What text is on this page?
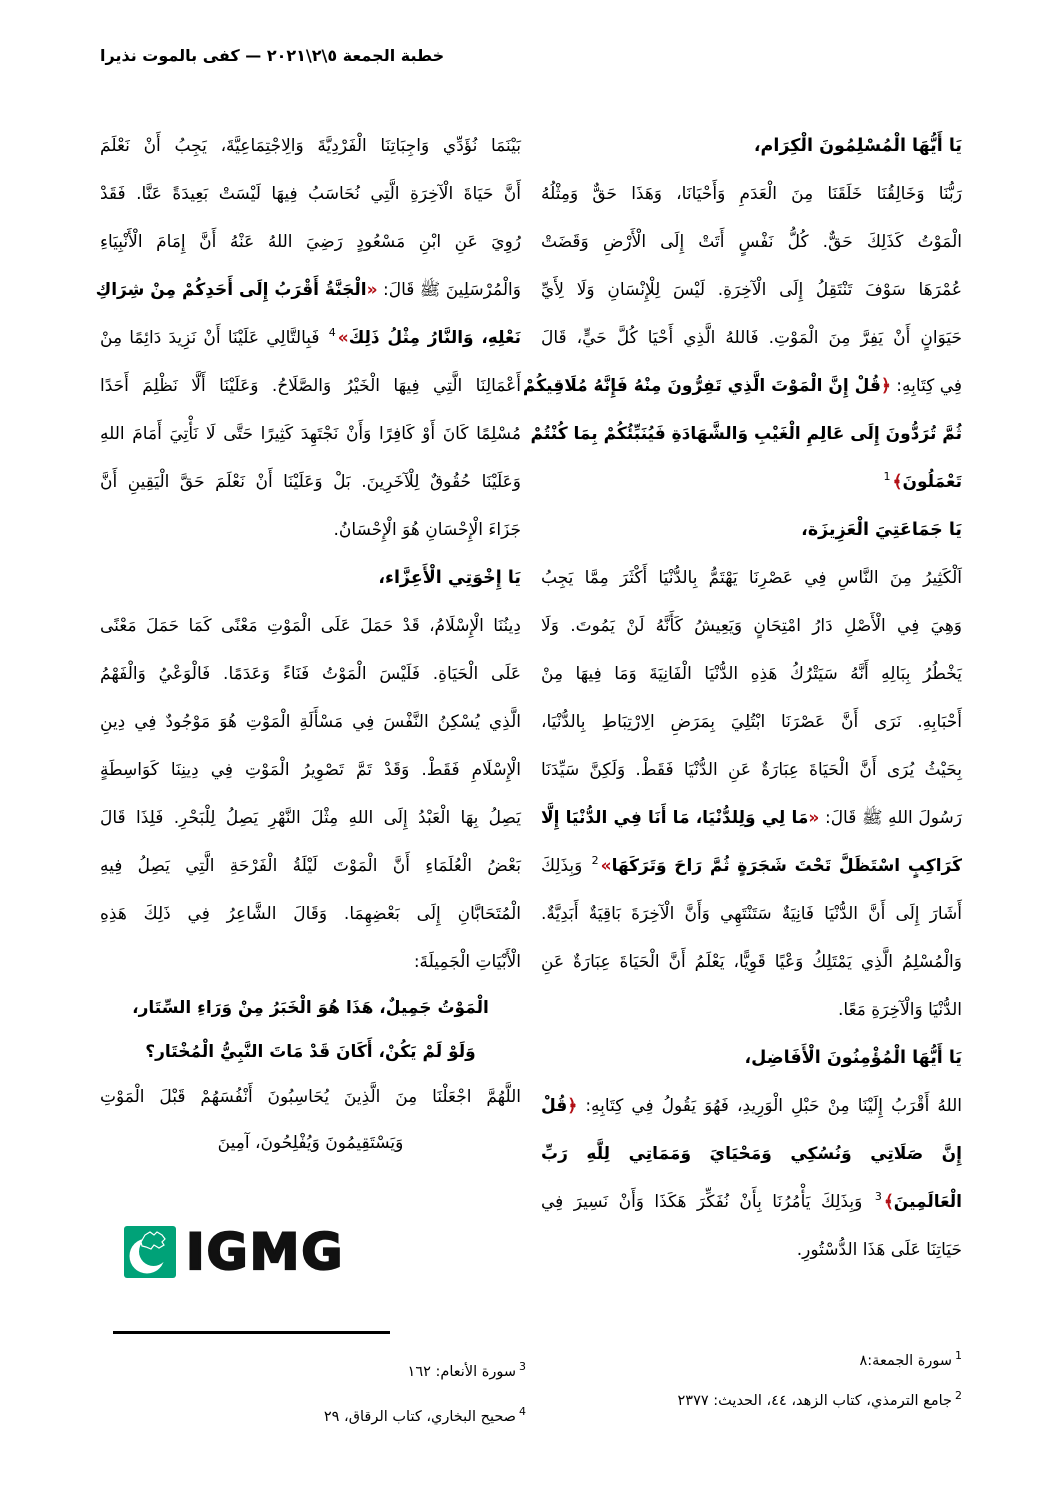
خطبة الجمعة ٥\٢\٢٠٢١ — كفى بالموت نذيرا
يَا أَيُّهَا الْمُسْلِمُونَ الْكِرَام،
رَبُّنَا وَخَالِقُنَا خَلَقَنَا مِنَ الْعَدَمِ وَأَحْيَانَا، وَهَذَا حَقٌّ وَمِثْلُهُ
الْمَوْتُ كَذَلِكَ حَقٌّ. كُلُّ نَفْسٍ أَتَتْ إِلَى الْأَرْضِ وَقَضَتْ
عُمْرَهَا سَوْفَ تَنْتَقِلُ إِلَى الْآخِرَةِ. لَيْسَ لِلْإِنْسَانِ وَلَا لِأَيِّ
حَيَوَانٍ أَنْ يَفِرَّ مِنَ الْمَوْتِ. فَاللهُ الَّذِي أَحْيَا كُلَّ حَيٍّ، قَالَ
فِي كِتَابِهِ: ﴿قُلْ إِنَّ الْمَوْتَ الَّذِي تَفِرُّونَ مِنْهُ فَإِنَّهُ مُلَاقِيكُمْ
ثُمَّ تُرَدُّونَ إِلَى عَالِمِ الْغَيْبِ وَالشَّهَادَةِ فَيُنَبِّئُكُمْ بِمَا كُنْتُمْ
تَعْمَلُونَ﴾$^1$
يَا جَمَاعَتِيَ الْعَزِيزَة،
اَلْكَثِيرُ مِنَ النَّاسِ فِي عَصْرِنَا يَهْتَمُّ بِالدُّنْيَا أَكْثَرَ مِمَّا يَجِبُ
وَهِيَ فِي الْأَصْلِ دَارُ امْتِحَانٍ وَيَعِيشُ كَأَنَّهُ لَنْ يَمُوتَ. وَلَا
يَخْطُرُ بِبَالِهِ أَنَّهُ سَيَتْرُكُ هَذِهِ الدُّنْيَا الْفَانِيَةَ وَمَا فِيهَا مِنْ
أَحْبَابِهِ. نَرَى أَنَّ عَصْرَنَا ابْتُلِيَ بِمَرَضِ الِارْتِبَاطِ بِالدُّنْيَا،
بِحَيْثُ يُرَى أَنَّ الْحَيَاةَ عِبَارَةٌ عَنِ الدُّنْيَا فَقَطْ. وَلَكِنَّ سَيِّدَنَا
رَسُولَ اللهِ ﷺ قَالَ: «مَا لِي وَلِلدُّنْيَا، مَا أَنَا فِي الدُّنْيَا إِلَّا
كَرَاكِبٍ اسْتَظَلَّ تَحْتَ شَجَرَةٍ ثُمَّ رَاحَ وَتَرَكَهَا»$^2$ وَبِذَلِكَ
أَشَارَ إِلَى أَنَّ الدُّنْيَا فَانِيَةٌ سَتَنْتَهِي وَأَنَّ الْآخِرَةَ بَاقِيَةٌ أَبَدِيَّةٌ.
وَالْمُسْلِمُ الَّذِي يَمْتَلِكُ وَعْيًا قَوِيًّا، يَعْلَمُ أَنَّ الْحَيَاةَ عِبَارَةٌ عَنِ
الدُّنْيَا وَالْآخِرَةِ مَعًا.
يَا أَيُّهَا الْمُؤْمِنُونَ الْأَفَاضِل،
اللهُ أَقْرَبُ إِلَيْنَا مِنْ حَبْلِ الْوَرِيدِ، فَهُوَ يَقُولُ فِي كِتَابِهِ: ﴿قُلْ
إِنَّ صَلَاتِي وَنُسُكِي وَمَحْيَايَ وَمَمَاتِي لِلَّهِ رَبِّ
الْعَالَمِينَ﴾$^3$ وَبِذَلِكَ يَأْمُرُنَا بِأَنْ نُفَكِّرَ هَكَذَا وَأَنْ نَسِيرَ فِي
حَيَاتِنَا عَلَى هَذَا الدُّسْتُورِ.
بَيْنَمَا نُؤَدِّي وَاجِبَاتِنَا الْفَرْدِيَّةَ وَالِاجْتِمَاعِيَّةَ، يَجِبُ أَنْ نَعْلَمَ
أَنَّ حَيَاةَ الْآخِرَةِ الَّتِي نُحَاسَبُ فِيهَا لَيْسَتْ بَعِيدَةً عَنَّا. فَقَدْ
رُوِيَ عَنِ ابْنِ مَسْعُودٍ رَضِيَ اللهُ عَنْهُ أَنَّ إِمَامَ الْأَنْبِيَاءِ
وَالْمُرْسَلِينَ ﷺ قَالَ: «الْجَنَّةُ أَقْرَبُ إِلَى أَحَدِكُمْ مِنْ شِرَاكِ
نَعْلِهِ، وَالنَّارُ مِثْلُ ذَلِكَ»$^4$ فَبِالتَّالِي عَلَيْنَا أَنْ نَزِيدَ دَائِمًا مِنْ
أَعْمَالِنَا الَّتِي فِيهَا الْخَيْرُ وَالصَّلَاحُ. وَعَلَيْنَا أَلَّا نَظْلِمَ أَحَدًا
مُسْلِمًا كَانَ أَوْ كَافِرًا وَأَنْ نَجْتَهِدَ كَثِيرًا حَتَّى لَا نَأْتِيَ أَمَامَ اللهِ
وَعَلَيْنَا حُقُوقٌ لِلْآخَرِينَ. بَلْ وَعَلَيْنَا أَنْ نَعْلَمَ حَقَّ الْيَقِينِ أَنَّ
جَزَاءَ الْإِحْسَانِ هُوَ الْإِحْسَانُ.
يَا إِخْوَتِي الْأَعِزَّاء،
دِينُنَا الْإِسْلَامُ، قَدْ حَمَلَ عَلَى الْمَوْتِ مَعْنًى كَمَا حَمَلَ مَعْنًى
عَلَى الْحَيَاةِ. فَلَيْسَ الْمَوْتُ فَنَاءً وَعَدَمًا. فَالْوَعْيُ وَالْفَهْمُ
الَّذِي يُسْكِنُ النَّفْسَ فِي مَسْأَلَةِ الْمَوْتِ هُوَ مَوْجُودٌ فِي دِينِ
الْإِسْلَامِ فَقَطْ. وَقَدْ تَمَّ تَصْوِيرُ الْمَوْتِ فِي دِينِنَا كَوَاسِطَةٍ
يَصِلُ بِهَا الْعَبْدُ إِلَى اللهِ مِثْلَ النَّهْرِ يَصِلُ لِلْبَحْرِ. فَلِذَا قَالَ
بَعْضُ الْعُلَمَاءِ أَنَّ الْمَوْتَ لَيْلَةُ الْفَرْحَةِ الَّتِي يَصِلُ فِيهِ
الْمُتَحَابَّانِ إِلَى بَعْضِهِمَا. وَقَالَ الشَّاعِرُ فِي ذَلِكَ هَذِهِ
الْأَبْيَاتِ الْجَمِيلَةَ:
الْمَوْتُ جَمِيلٌ، هَذَا هُوَ الْخَبَرُ مِنْ وَرَاءِ السِّتَار،
وَلَوْ لَمْ يَكُنْ، أَكَانَ قَدْ مَاتَ النَّبِيُّ الْمُخْتَار؟
اللَّهُمَّ اجْعَلْنَا مِنَ الَّذِينَ يُحَاسِبُونَ أَنْفُسَهُمْ قَبْلَ الْمَوْتِ
وَيَسْتَقِيمُونَ وَيُفْلِحُونَ، آمِينَ
IGMG
$^1$سورة الجمعة:٨
$^2$جامع الترمذي، كتاب الزهد، ٤٤، الحديث: ٢٣٧٧
$^3$سورة الأنعام: ١٦٢
$^4$صحيح البخاري، كتاب الرقاق، ٢٩
